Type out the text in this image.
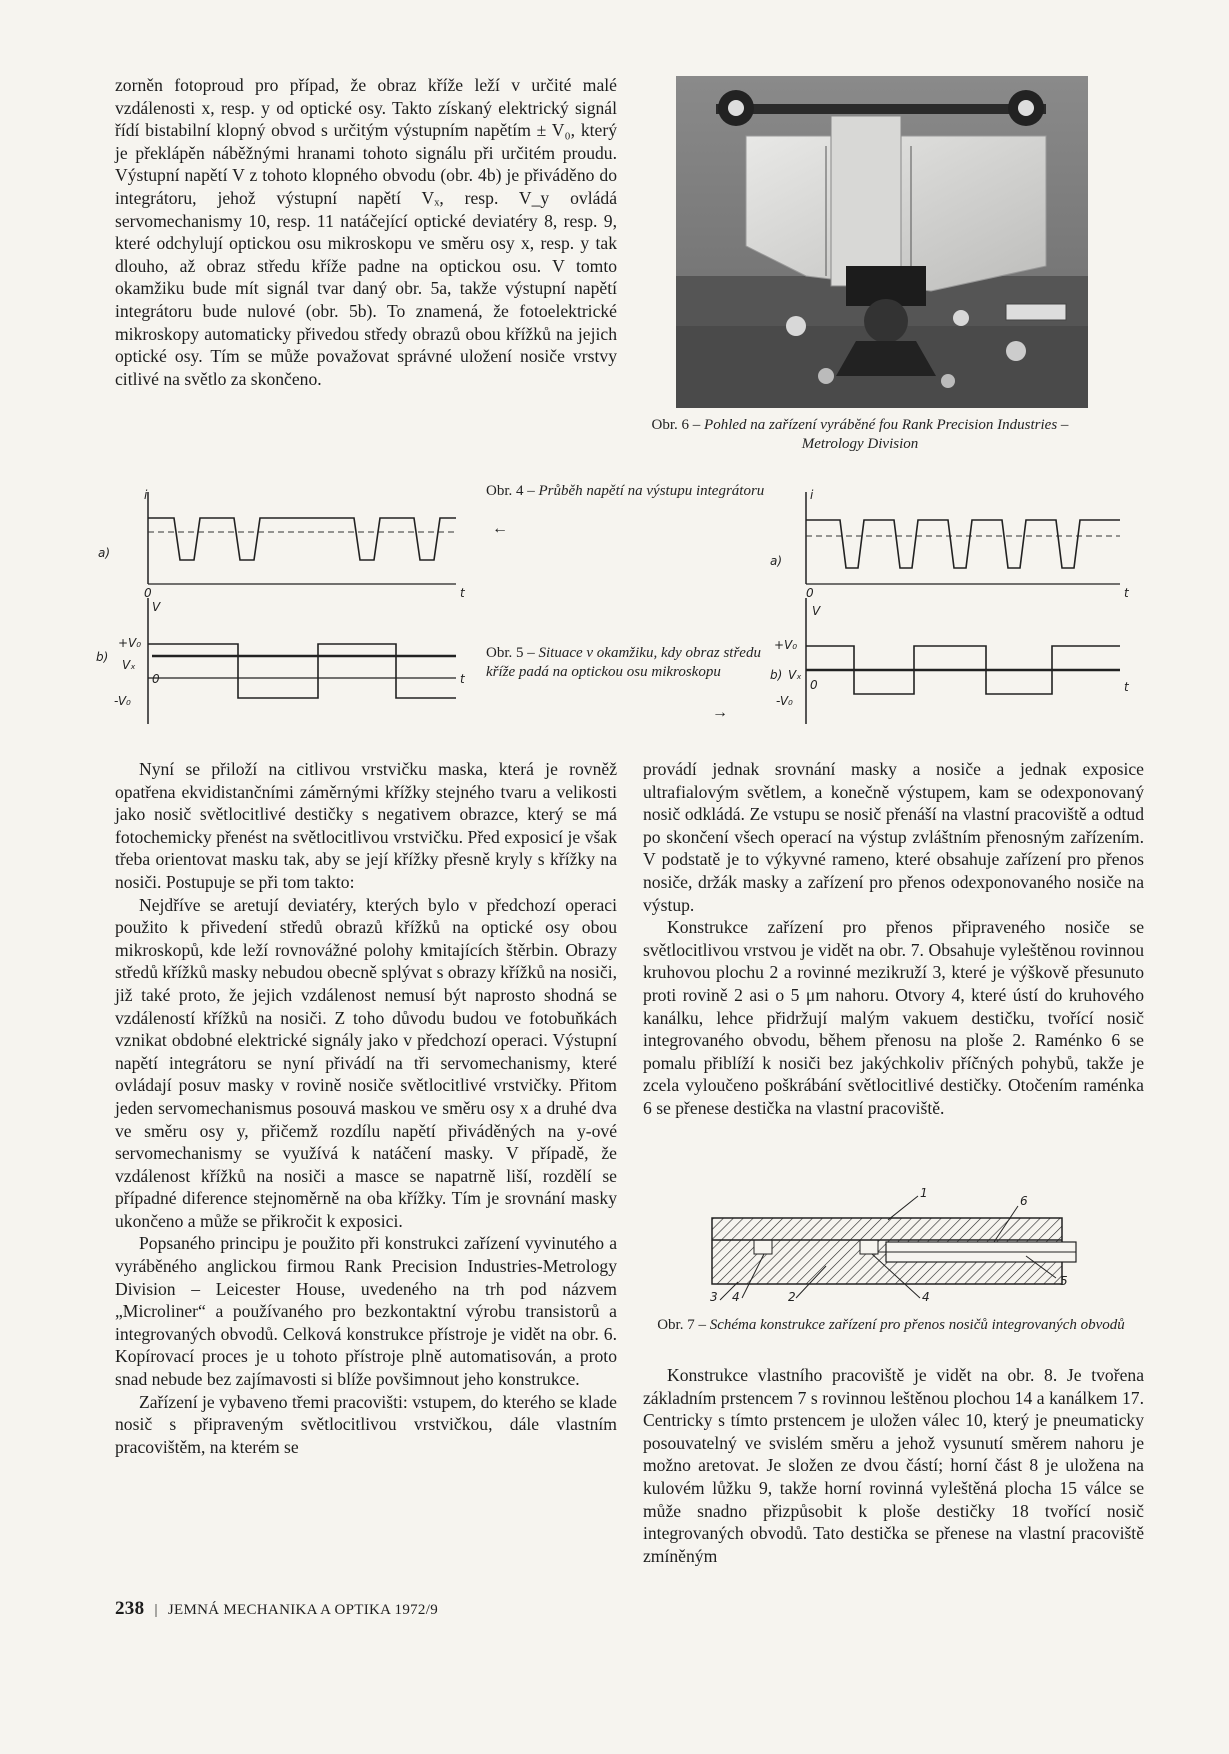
zorněn fotoproud pro případ, že obraz kříže leží v určité malé vzdálenosti x, resp. y od optické osy. Takto získaný elektrický signál řídí bistabilní klopný obvod s určitým výstupním napětím ± V₀, který je překlápěn náběžnými hranami tohoto signálu při určitém proudu. Výstupní napětí V z tohoto klopného obvodu (obr. 4b) je přiváděno do integrátoru, jehož výstupní napětí Vₓ, resp. V_y ovládá servomechanismy 10, resp. 11 natáčející optické deviatéry 8, resp. 9, které odchylují optickou osu mikroskopu ve směru osy x, resp. y tak dlouho, až obraz středu kříže padne na optickou osu. V tomto okamžiku bude mít signál tvar daný obr. 5a, takže výstupní napětí integrátoru bude nulové (obr. 5b). To znamená, že fotoelektrické mikroskopy automaticky přivedou středy obrazů obou křížků na jejich optické osy. Tím se může považovat správné uložení nosiče vrstvy citlivé na světlo za skončeno.

Obr. 6 – Pohled na zařízení vyráběné fou Rank Precision Industries – Metrology Division
i
a)
0	t
V
+V₀
b)
Vₓ
0	t
-V₀
Obr. 4 – Průběh napětí na výstupu integrátoru
←
Obr. 5 – Situace v okamžiku, kdy obraz středu kříže padá na optickou osu mikroskopu
→
i
a)
0	t
V
+V₀
b) Vₓ
0	t
-V₀

Nyní se přiloží na citlivou vrstvičku maska, která je rovněž opatřena ekvidistančními záměrnými křížky stejného tvaru a velikosti jako nosič světlocitlivé destičky s negativem obrazce, který se má fotochemicky přenést na světlocitlivou vrstvičku. Před exposicí je však třeba orientovat masku tak, aby se její křížky přesně kryly s křížky na nosiči. Postupuje se při tom takto:

Nejdříve se aretují deviatéry, kterých bylo v předchozí operaci použito k přivedení středů obrazů křížků na optické osy obou mikroskopů, kde leží rovnovážné polohy kmitajících štěrbin. Obrazy středů křížků masky nebudou obecně splývat s obrazy křížků na nosiči, již také proto, že jejich vzdálenost nemusí být naprosto shodná se vzdáleností křížků na nosiči. Z toho důvodu budou ve fotobuňkách vznikat obdobné elektrické signály jako v předchozí operaci. Výstupní napětí integrátoru se nyní přivádí na tři servomechanismy, které ovládají posuv masky v rovině nosiče světlocitlivé vrstvičky. Přitom jeden servomechanismus posouvá maskou ve směru osy x a druhé dva ve směru osy y, přičemž rozdílu napětí přiváděných na y-ové servomechanismy se využívá k natáčení masky. V případě, že vzdálenost křížků na nosiči a masce se napatrně liší, rozdělí se případné diference stejnoměrně na oba křížky. Tím je srovnání masky ukončeno a může se přikročit k exposici.

Popsaného principu je použito při konstrukci zařízení vyvinutého a vyráběného anglickou firmou Rank Precision Industries-Metrology Division – Leicester House, uvedeného na trh pod názvem „Microliner“ a používaného pro bezkontaktní výrobu transistorů a integrovaných obvodů. Celková konstrukce přístroje je vidět na obr. 6. Kopírovací proces je u tohoto přístroje plně automatisován, a proto snad nebude bez zajímavosti si blíže povšimnout jeho konstrukce.

Zařízení je vybaveno třemi pracovišti: vstupem, do kterého se klade nosič s připraveným světlocitlivou vrstvičkou, dále vlastním pracovištěm, na kterém se

provádí jednak srovnání masky a nosiče a jednak exposice ultrafialovým světlem, a konečně výstupem, kam se odexponovaný nosič odkládá. Ze vstupu se nosič přenáší na vlastní pracoviště a odtud po skončení všech operací na výstup zvláštním přenosným zařízením. V podstatě je to výkyvné rameno, které obsahuje zařízení pro přenos nosiče, držák masky a zařízení pro přenos odexponovaného nosiče na výstup.

Konstrukce zařízení pro přenos připraveného nosiče se světlocitlivou vrstvou je vidět na obr. 7. Obsahuje vyleštěnou rovinnou kruhovou plochu 2 a rovinné mezikruží 3, které je výškově přesunuto proti rovině 2 asi o 5 μm nahoru. Otvory 4, které ústí do kruhového kanálku, lehce přidržují malým vakuem destičku, tvořící nosič integrovaného obvodu, během přenosu na ploše 2. Raménko 6 se pomalu přiblíží k nosiči bez jakýchkoliv příčných pohybů, takže je zcela vyloučeno poškrábání světlocitlivé destičky. Otočením raménka 6 se přenese destička na vlastní pracoviště.

1
6
3 4	2	4
5
Obr. 7 – Schéma konstrukce zařízení pro přenos nosičů integrovaných obvodů

Konstrukce vlastního pracoviště je vidět na obr. 8. Je tvořena základním prstencem 7 s rovinnou leštěnou plochou 14 a kanálkem 17. Centricky s tímto prstencem je uložen válec 10, který je pneumaticky posouvatelný ve svislém směru a jehož vysunutí směrem nahoru je možno aretovat. Je složen ze dvou částí; horní část 8 je uložena na kulovém lůžku 9, takže horní rovinná vyleštěná plocha 15 válce se může snadno přizpůsobit k ploše destičky 18 tvořící nosič integrovaných obvodů. Tato destička se přenese na vlastní pracoviště zmíněným

238 | JEMNÁ MECHANIKA A OPTIKA 1972/9
